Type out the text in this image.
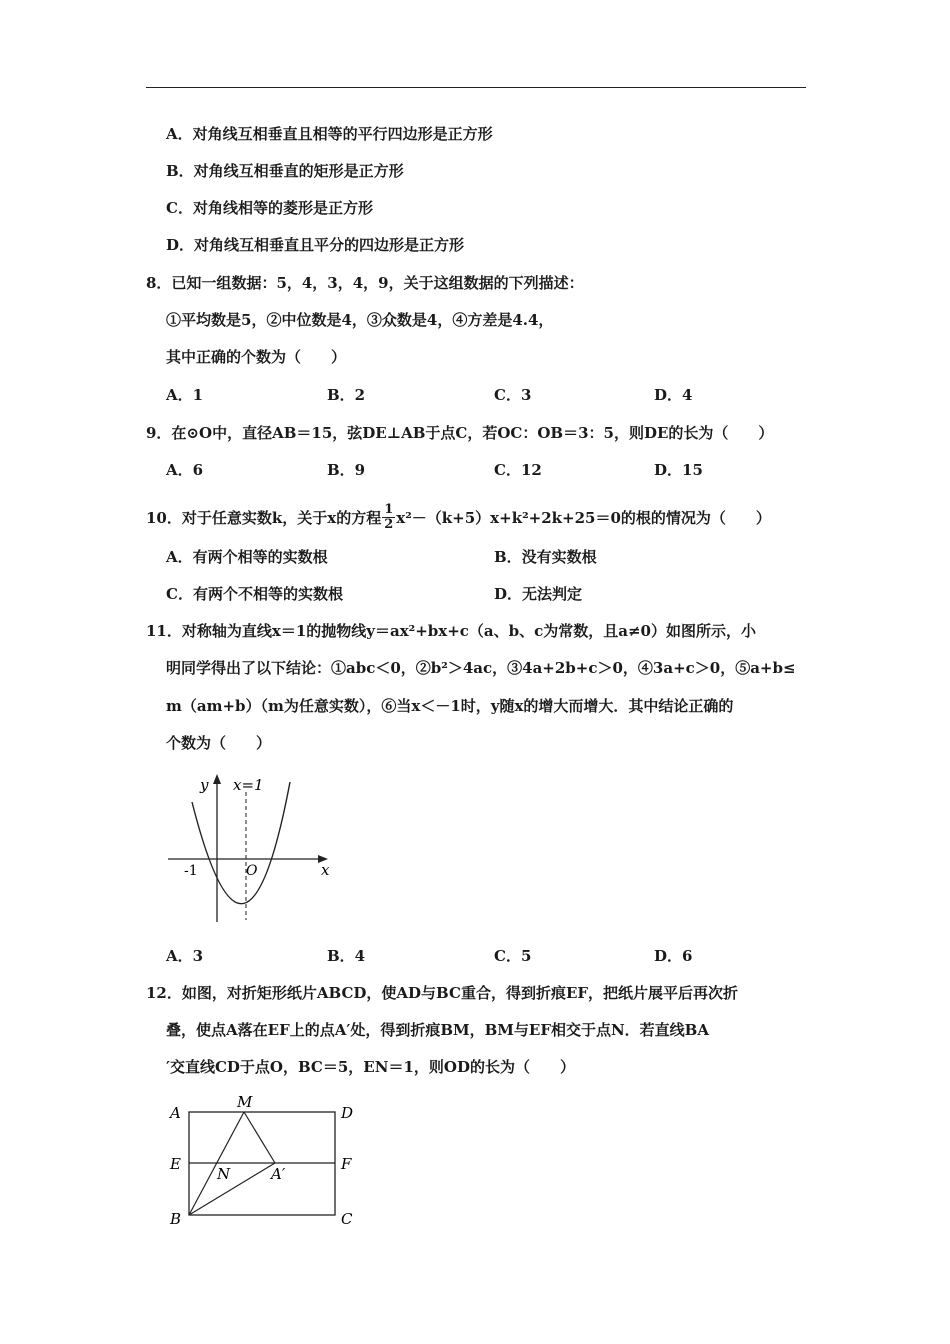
A．对角线互相垂直且相等的平行四边形是正方形
B．对角线互相垂直的矩形是正方形
C．对角线相等的菱形是正方形
D．对角线互相垂直且平分的四边形是正方形
8．已知一组数据：5，4，3，4，9，关于这组数据的下列描述：
①平均数是5，②中位数是4，③众数是4，④方差是4.4，
其中正确的个数为（　　）
A．1	B．2	C．3	D．4
9．在⊙O中，直径AB＝15，弦DE⊥AB于点C，若OC：OB＝3：5，则DE的长为（　　）
A．6	B．9	C．12	D．15
10．对于任意实数k，关于x的方程 $\frac{1}{2} x^2-(k+5)x+k^2+2k+25=0$的根的情况为（　　）
A．有两个相等的实数根	B．没有实数根
C．有两个不相等的实数根	D．无法判定
11．对称轴为直线x＝1的抛物线y＝ax²+bx+c（a、b、c为常数，且a≠0）如图所示，小
明同学得出了以下结论：①abc＜0，②b²＞4ac，③4a+2b+c＞0，④3a+c＞0，⑤a+b≤
m（am+b）（m为任意实数），⑥当x＜－1时，y随x的增大而增大．其中结论正确的
个数为（　　）
y x=1
-1	O	x
A．3	B．4	C．5	D．6
12．如图，对折矩形纸片ABCD，使AD与BC重合，得到折痕EF，把纸片展平后再次折
叠，使点A落在EF上的点A′处，得到折痕BM，BM与EF相交于点N．若直线BA
′交直线CD于点O，BC＝5，EN＝1，则OD的长为（　　）
A
M
D
E
N	A′
F
B	C
